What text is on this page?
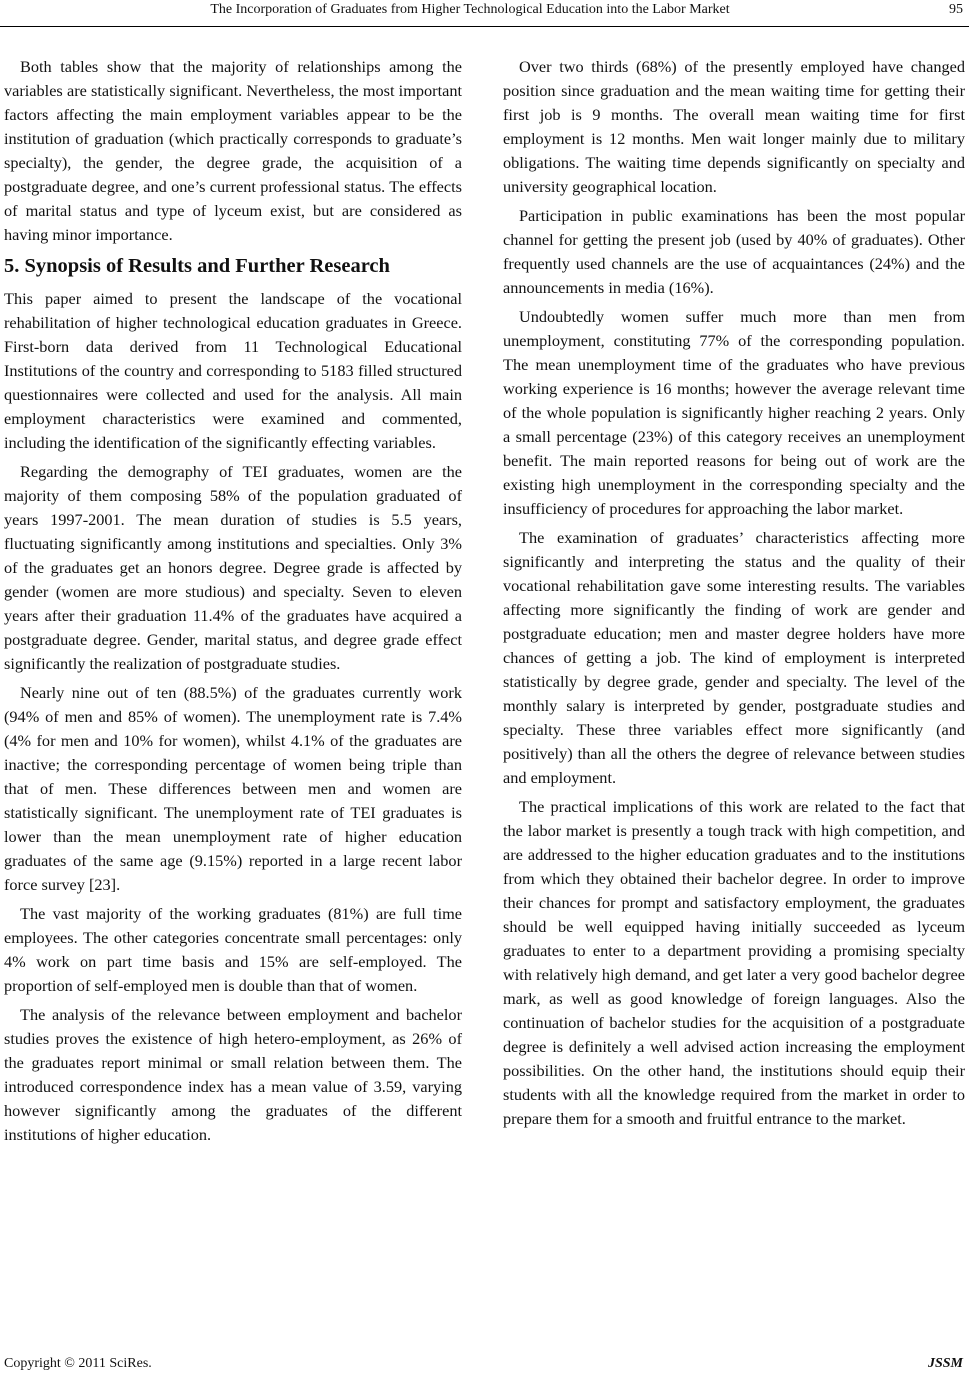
The Incorporation of Graduates from Higher Technological Education into the Labor Market	95

Both tables show that the majority of relationships among the variables are statistically significant. Nevertheless, the most important factors affecting the main employment variables appear to be the institution of graduation (which practically corresponds to graduate’s specialty), the gender, the degree grade, the acquisition of a postgraduate degree, and one’s current professional status. The effects of marital status and type of lyceum exist, but are considered as having minor importance.

5. Synopsis of Results and Further Research

This paper aimed to present the landscape of the vocational rehabilitation of higher technological education graduates in Greece. First-born data derived from 11 Technological Educational Institutions of the country and corresponding to 5183 filled structured questionnaires were collected and used for the analysis. All main employment characteristics were examined and commented, including the identification of the significantly effecting variables.

Regarding the demography of TEI graduates, women are the majority of them composing 58% of the population graduated of years 1997-2001. The mean duration of studies is 5.5 years, fluctuating significantly among institutions and specialties. Only 3% of the graduates get an honors degree. Degree grade is affected by gender (women are more studious) and specialty. Seven to eleven years after their graduation 11.4% of the graduates have acquired a postgraduate degree. Gender, marital status, and degree grade effect significantly the realization of postgraduate studies.

Nearly nine out of ten (88.5%) of the graduates currently work (94% of men and 85% of women). The unemployment rate is 7.4% (4% for men and 10% for women), whilst 4.1% of the graduates are inactive; the corresponding percentage of women being triple than that of men. These differences between men and women are statistically significant. The unemployment rate of TEI graduates is lower than the mean unemployment rate of higher education graduates of the same age (9.15%) reported in a large recent labor force survey [23].

The vast majority of the working graduates (81%) are full time employees. The other categories concentrate small percentages: only 4% work on part time basis and 15% are self-employed. The proportion of self-employed men is double than that of women.

The analysis of the relevance between employment and bachelor studies proves the existence of high hetero-employment, as 26% of the graduates report minimal or small relation between them. The introduced correspondence index has a mean value of 3.59, varying however significantly among the graduates of the different institutions of higher education.

Over two thirds (68%) of the presently employed have changed position since graduation and the mean waiting time for getting their first job is 9 months. The overall mean waiting time for first employment is 12 months. Men wait longer mainly due to military obligations. The waiting time depends significantly on specialty and university geographical location.

Participation in public examinations has been the most popular channel for getting the present job (used by 40% of graduates). Other frequently used channels are the use of acquaintances (24%) and the announcements in media (16%).

Undoubtedly women suffer much more than men from unemployment, constituting 77% of the corresponding population. The mean unemployment time of the graduates who have previous working experience is 16 months; however the average relevant time of the whole population is significantly higher reaching 2 years. Only a small percentage (23%) of this category receives an unemployment benefit. The main reported reasons for being out of work are the existing high unemployment in the corresponding specialty and the insufficiency of procedures for approaching the labor market.

The examination of graduates’ characteristics affecting more significantly and interpreting the status and the quality of their vocational rehabilitation gave some interesting results. The variables affecting more significantly the finding of work are gender and postgraduate education; men and master degree holders have more chances of getting a job. The kind of employment is interpreted statistically by degree grade, gender and specialty. The level of the monthly salary is interpreted by gender, postgraduate studies and specialty. These three variables effect more significantly (and positively) than all the others the degree of relevance between studies and employment.

The practical implications of this work are related to the fact that the labor market is presently a tough track with high competition, and are addressed to the higher education graduates and to the institutions from which they obtained their bachelor degree. In order to improve their chances for prompt and satisfactory employment, the graduates should be well equipped having initially succeeded as lyceum graduates to enter to a department providing a promising specialty with relatively high demand, and get later a very good bachelor degree mark, as well as good knowledge of foreign languages. Also the continuation of bachelor studies for the acquisition of a postgraduate degree is definitely a well advised action increasing the employment possibilities. On the other hand, the institutions should equip their students with all the knowledge required from the market in order to prepare them for a smooth and fruitful entrance to the market.

Copyright © 2011 SciRes.	JSSM
